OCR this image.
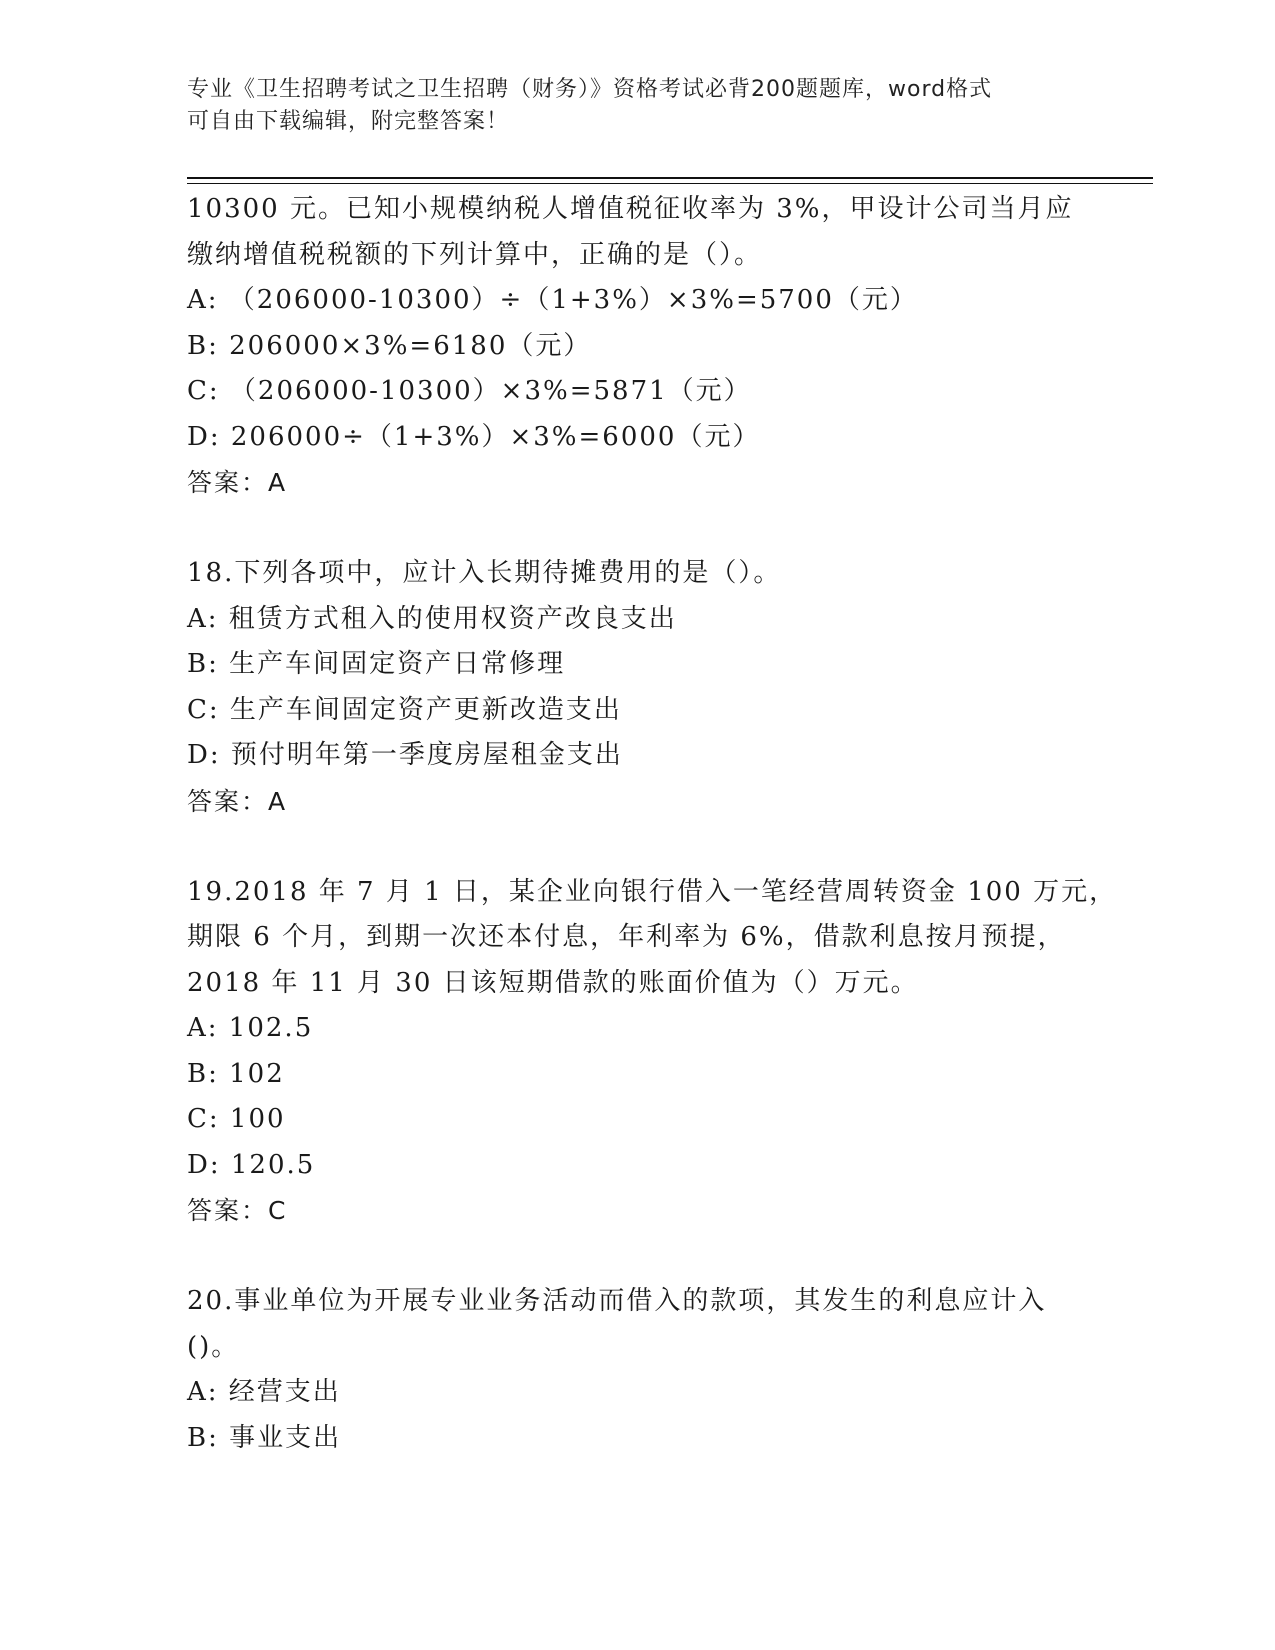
专业《卫生招聘考试之卫生招聘（财务）》资格考试必背200题题库，word格式
可自由下载编辑，附完整答案！
10300 元。已知小规模纳税人增值税征收率为 3%，甲设计公司当月应
缴纳增值税税额的下列计算中，正确的是（）。
A: （206000-10300）÷（1+3%）×3%=5700（元）
B: 206000×3%=6180（元）
C: （206000-10300）×3%=5871（元）
D: 206000÷（1+3%）×3%=6000（元）
答案：A
18.下列各项中，应计入长期待摊费用的是（）。
A: 租赁方式租入的使用权资产改良支出
B: 生产车间固定资产日常修理
C: 生产车间固定资产更新改造支出
D: 预付明年第一季度房屋租金支出
答案：A
19.2018 年 7 月 1 日，某企业向银行借入一笔经营周转资金 100 万元，
期限 6 个月，到期一次还本付息，年利率为 6%，借款利息按月预提，
2018 年 11 月 30 日该短期借款的账面价值为（）万元。
A: 102.5
B: 102
C: 100
D: 120.5
答案：C
20.事业单位为开展专业业务活动而借入的款项，其发生的利息应计入
()。
A: 经营支出
B: 事业支出
